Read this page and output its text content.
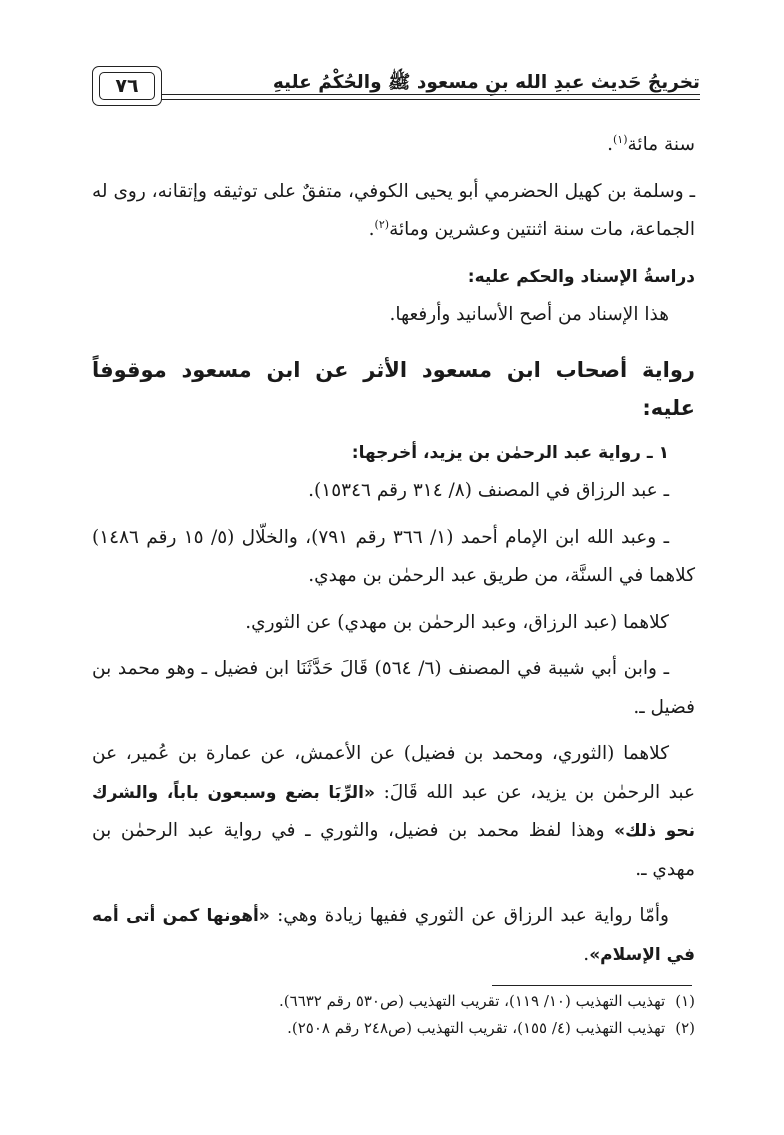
تخريجُ حَديث عبدِ الله بنِ مسعود ﷺ والحُكْمُ عليهِ
٧٦

سنة مائة$^{(١)}$.

ـ وسلمة بن كهيل الحضرمي أبو يحيى الكوفي، متفقٌ على توثيقه وإتقانه، روى له الجماعة، مات سنة اثنتين وعشرين ومائة$^{(٢)}$.

دراسةُ الإسناد والحكم عليه:

هذا الإسناد من أصح الأسانيد وأرفعها.

رواية أصحاب ابن مسعود الأثر عن ابن مسعود موقوفاً عليه:

١ ـ رواية عبد الرحمٰن بن يزيد، أخرجها:

ـ عبد الرزاق في المصنف (٨/ ٣١٤ رقم ١٥٣٤٦).

ـ وعبد الله ابن الإمام أحمد (١/ ٣٦٦ رقم ٧٩١)، والخلّال (٥/ ١٥ رقم ١٤٨٦) كلاهما في السنَّة، من طريق عبد الرحمٰن بن مهدي.

كلاهما (عبد الرزاق، وعبد الرحمٰن بن مهدي) عن الثوري.

ـ وابن أبي شيبة في المصنف (٦/ ٥٦٤) قَالَ حَدَّثَنَا ابن فضيل ـ وهو محمد بن فضيل ـ.

كلاهما (الثوري، ومحمد بن فضيل) عن الأعمش، عن عمارة بن عُمير، عن عبد الرحمٰن بن يزيد، عن عبد الله قَالَ: «الرِّبَا بضع وسبعون باباً، والشرك نحو ذلك» وهذا لفظ محمد بن فضيل، والثوري ـ في رواية عبد الرحمٰن بن مهدي ـ.

وأمّا رواية عبد الرزاق عن الثوري ففيها زيادة وهي: «أهونها كمن أتى أمه في الإسلام».

(١)تهذيب التهذيب (١٠/ ١١٩)، تقريب التهذيب (ص٥٣٠ رقم ٦٦٣٢).

(٢)تهذيب التهذيب (٤/ ١٥٥)، تقريب التهذيب (ص٢٤٨ رقم ٢٥٠٨).
